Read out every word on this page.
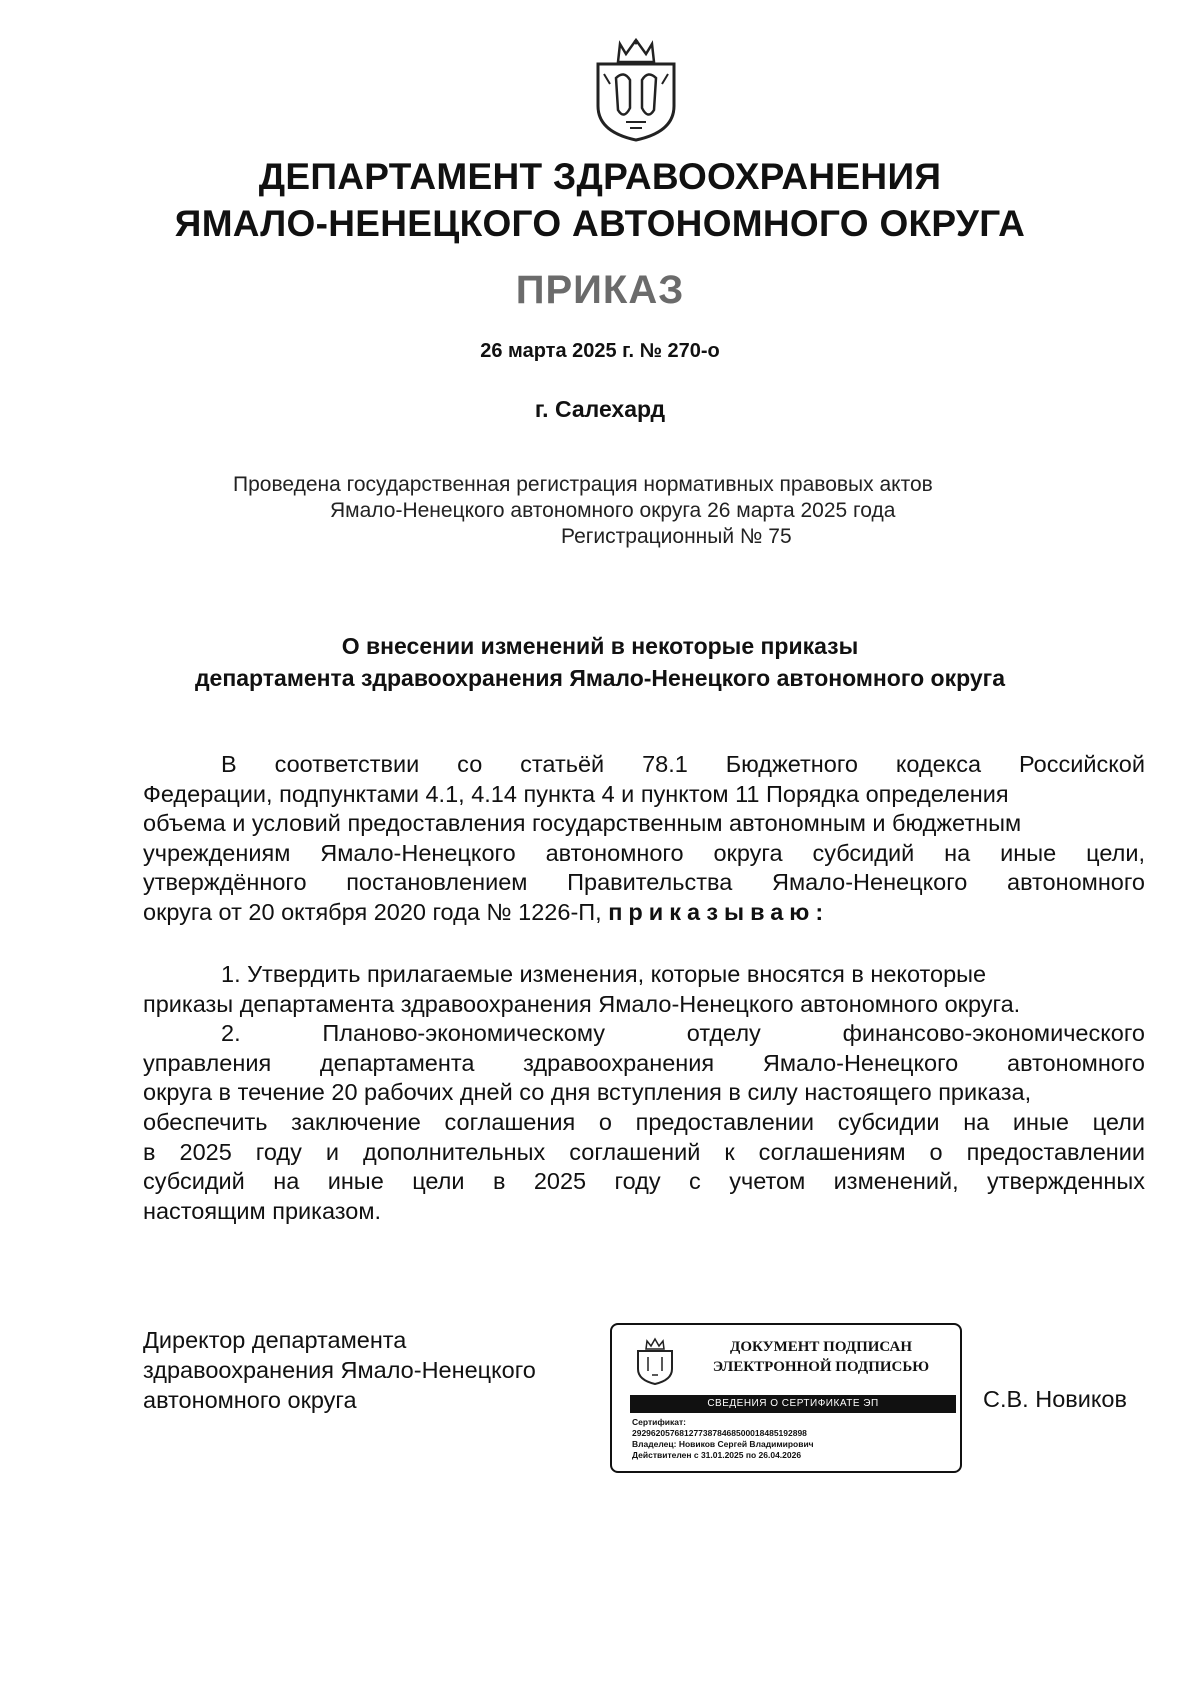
ДЕПАРТАМЕНТ ЗДРАВООХРАНЕНИЯ
ЯМАЛО-НЕНЕЦКОГО АВТОНОМНОГО ОКРУГА
ПРИКАЗ
26 марта 2025 г. № 270-о
г. Салехард
Проведена государственная регистрация нормативных правовых актов
Ямало-Ненецкого автономного округа 26 марта 2025 года
Регистрационный № 75
О внесении изменений в некоторые приказы
департамента здравоохранения Ямало-Ненецкого автономного округа
В соответствии со статьёй 78.1 Бюджетного кодекса Российской
Федерации, подпунктами 4.1, 4.14 пункта 4 и пунктом 11 Порядка определения
объема и условий предоставления государственным автономным и бюджетным
учреждениям Ямало-Ненецкого автономного округа субсидий на иные цели,
утверждённого постановлением Правительства Ямало-Ненецкого автономного
округа от 20 октября 2020 года № 1226-П, приказываю:
1. Утвердить прилагаемые изменения, которые вносятся в некоторые
приказы департамента здравоохранения Ямало-Ненецкого автономного округа.
2. Планово-экономическому отделу финансово-экономического
управления департамента здравоохранения Ямало-Ненецкого автономного
округа в течение 20 рабочих дней со дня вступления в силу настоящего приказа,
обеспечить заключение соглашения о предоставлении субсидии на иные цели
в 2025 году и дополнительных соглашений к соглашениям о предоставлении
субсидий на иные цели в 2025 году с учетом изменений, утвержденных
настоящим приказом.
Директор департамента
здравоохранения Ямало-Ненецкого
автономного округа
ДОКУМЕНТ ПОДПИСАН
ЭЛЕКТРОННОЙ ПОДПИСЬЮ
СВЕДЕНИЯ О СЕРТИФИКАТЕ ЭП
Сертификат:
2929620576812773878468500018485192898
Владелец: Новиков Сергей Владимирович
Действителен с 31.01.2025 по 26.04.2026
С.В. Новиков
